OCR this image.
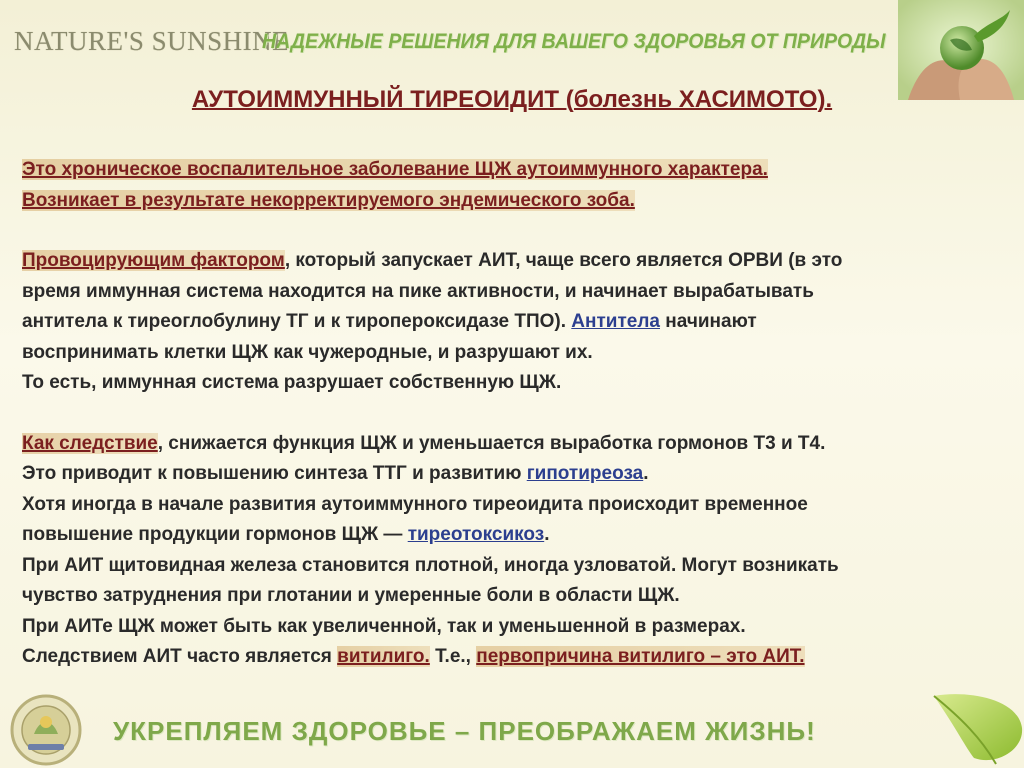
NATURE'S SUNSHINE
НАДЕЖНЫЕ РЕШЕНИЯ ДЛЯ ВАШЕГО ЗДОРОВЬЯ ОТ ПРИРОДЫ
АУТОИММУННЫЙ ТИРЕОИДИТ (болезнь ХАСИМОТО).
Это хроническое воспалительное заболевание ЩЖ аутоиммунного характера.
Возникает в результате некорректируемого эндемического зоба.
Провоцирующим фактором, который запускает АИТ, чаще всего является ОРВИ (в это
время иммунная система находится на пике активности, и начинает вырабатывать
антитела к тиреоглобулину ТГ и к тиропероксидазе ТПО). Антитела начинают
воспринимать клетки ЩЖ как чужеродные, и разрушают их.
То есть, иммунная система разрушает собственную ЩЖ.
Как следствие, снижается функция ЩЖ и уменьшается выработка гормонов Т3 и Т4.
Это приводит к повышению синтеза ТТГ и развитию гипотиреоза.
Хотя иногда в начале развития аутоиммунного тиреоидита происходит временное
повышение продукции гормонов ЩЖ — тиреотоксикоз.
При АИТ щитовидная железа становится плотной, иногда узловатой. Могут возникать
чувство затруднения при глотании и умеренные боли в области ЩЖ.
При АИТе ЩЖ может быть как увеличенной, так и уменьшенной в размерах.
Следствием АИТ часто является витилиго. Т.е., первопричина витилиго – это АИТ.
УКРЕПЛЯЕМ ЗДОРОВЬЕ – ПРЕОБРАЖАЕМ ЖИЗНЬ!
